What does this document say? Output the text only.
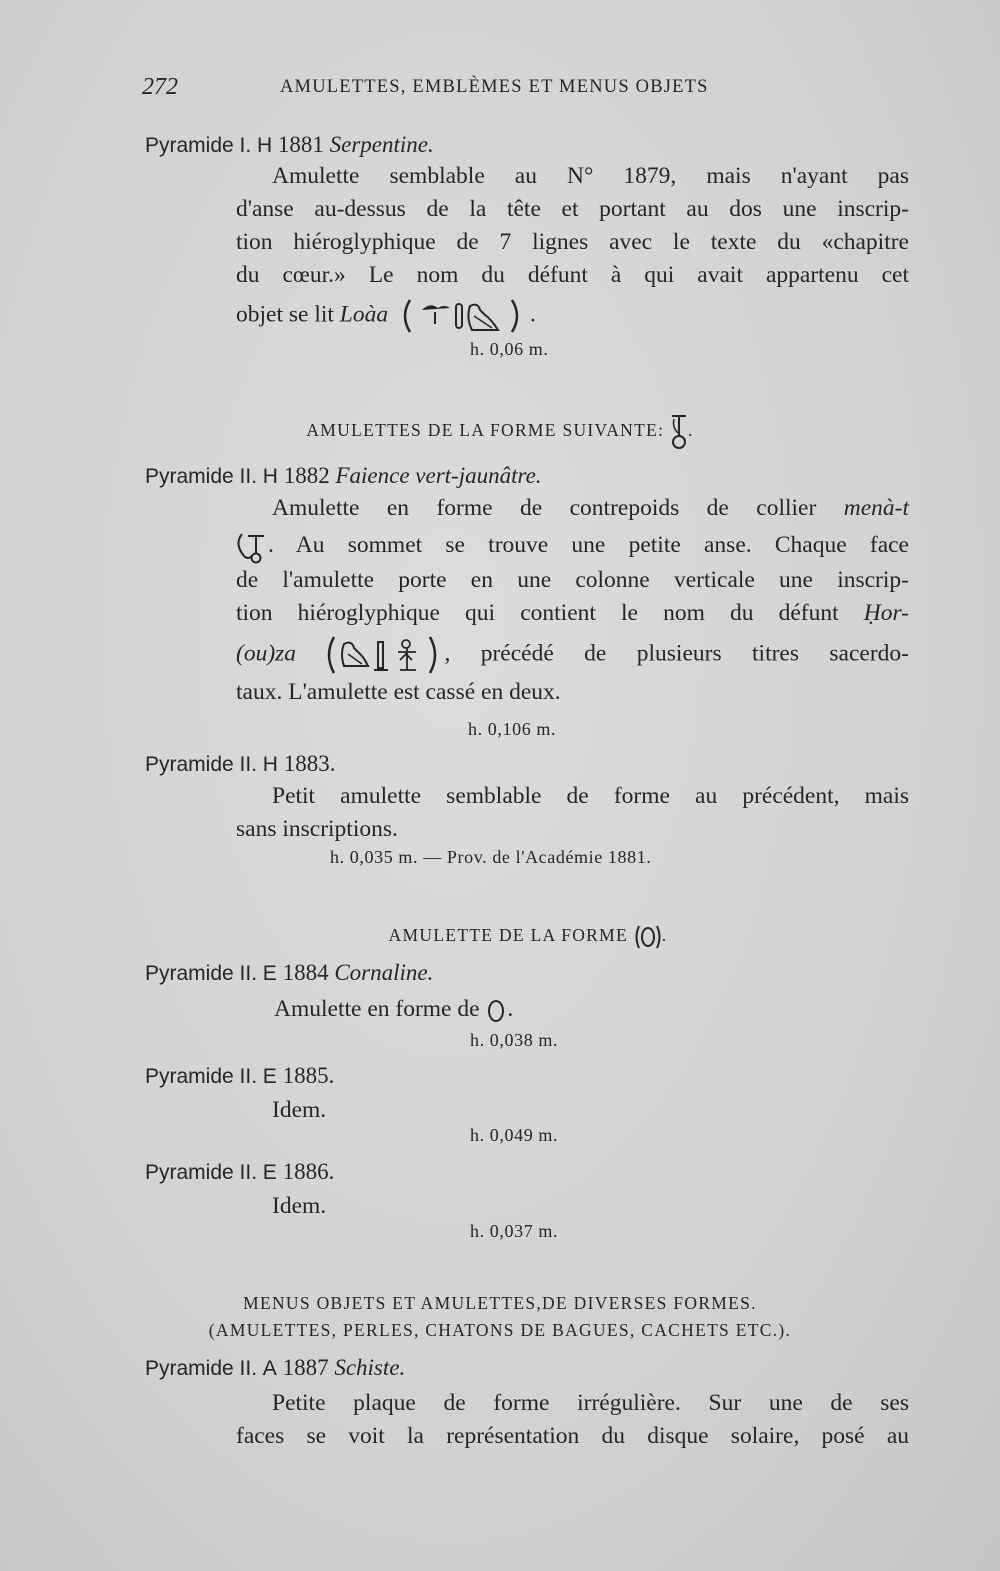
272	AMULETTES, EMBLÈMES ET MENUS OBJETS
Pyramide I. H 1881 Serpentine.
Amulette semblable au N° 1879, mais n'ayant pas
d'anse au-dessus de la tête et portant au dos une inscrip-
tion hiéroglyphique de 7 lignes avec le texte du «chapitre
du cœur.» Le nom du défunt à qui avait appartenu cet
objet se lit Loàa	.
h. 0,06 m.
AMULETTES DE LA FORME SUIVANTE: .
Pyramide II. H 1882 Faience vert-jaunâtre.
Amulette en forme de contrepoids de collier menà-t
. Au sommet se trouve une petite anse. Chaque face
de l'amulette porte en une colonne verticale une inscrip-
tion hiéroglyphique qui contient le nom du défunt Ḥor-
(ou)za	, précédé de plusieurs titres sacerdo-
taux. L'amulette est cassé en deux.
h. 0,106 m.
Pyramide II. H 1883.
Petit amulette semblable de forme au précédent, mais
sans inscriptions.
h. 0,035 m. — Prov. de l'Académie 1881.
AMULETTE DE LA FORME .
Pyramide II. E 1884 Cornaline.
Amulette en forme de .
h. 0,038 m.
Pyramide II. E 1885.
Idem.
h. 0,049 m.
Pyramide II. E 1886.
Idem.
h. 0,037 m.
MENUS OBJETS ET AMULETTES,DE DIVERSES FORMES.
(AMULETTES, PERLES, CHATONS DE BAGUES, CACHETS ETC.).
Pyramide II. A 1887 Schiste.
Petite plaque de forme irrégulière. Sur une de ses
faces se voit la représentation du disque solaire, posé au
